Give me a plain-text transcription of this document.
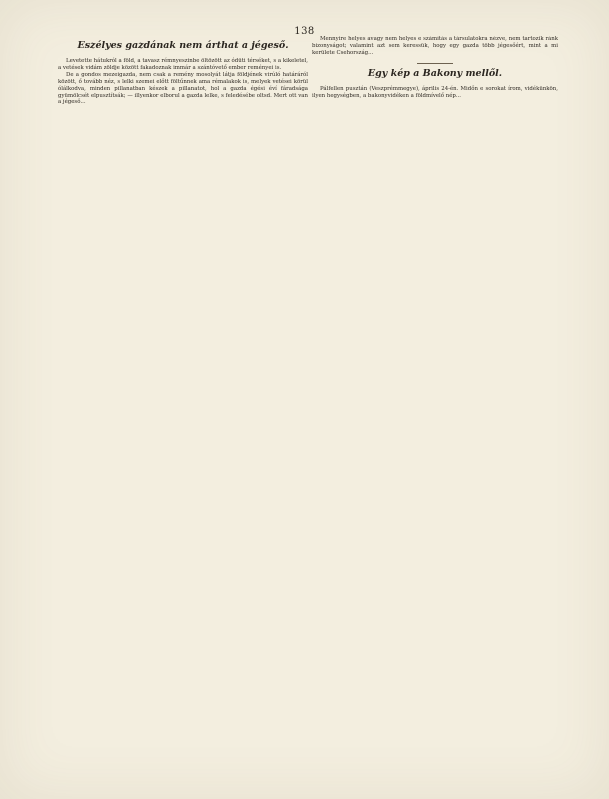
138
Eszélyes gazdának nem árthat a jégeső.

Levetette hátukról a föld, a tavasz rémnyeszinbe öltözött az ódüti térséket, s a kikeletel, a vetések vidám zöldje között fakadoznak immár a szántóvető ember reményei is.

De a gondos mezeigazda, nem csak a remény mosolyát látja földjének virúló határáról között, ő tovább néz, s lelki szemei előtt föltűnnek ama rémalakok is, melyek vetései körül ólálkodva, minden pillanatban készek a pillanatot, hol a gazda égési éví fáradsága gyümölcsét elpusztítsák; — illyenkor elborul a gazda lelke, s feledésébe oltsd. Mert ott van a jégeső...

Mennyire helyes avagy nem helyes e számítás a társulatokra nézve, nem tartozik ránk bizonyságot; valamint azt sem keressük, hogy egy gazda több jégesőért, mint a mi kerülete Csehország...

Egy kép a Bakony mellől.

Pálfellen pusztán (Veszprémmegye), április 24-én. Midőn e sorokat írom, vidékünkön, ilyen hegységben, a bakonyvidéken a földmívelő nép...
